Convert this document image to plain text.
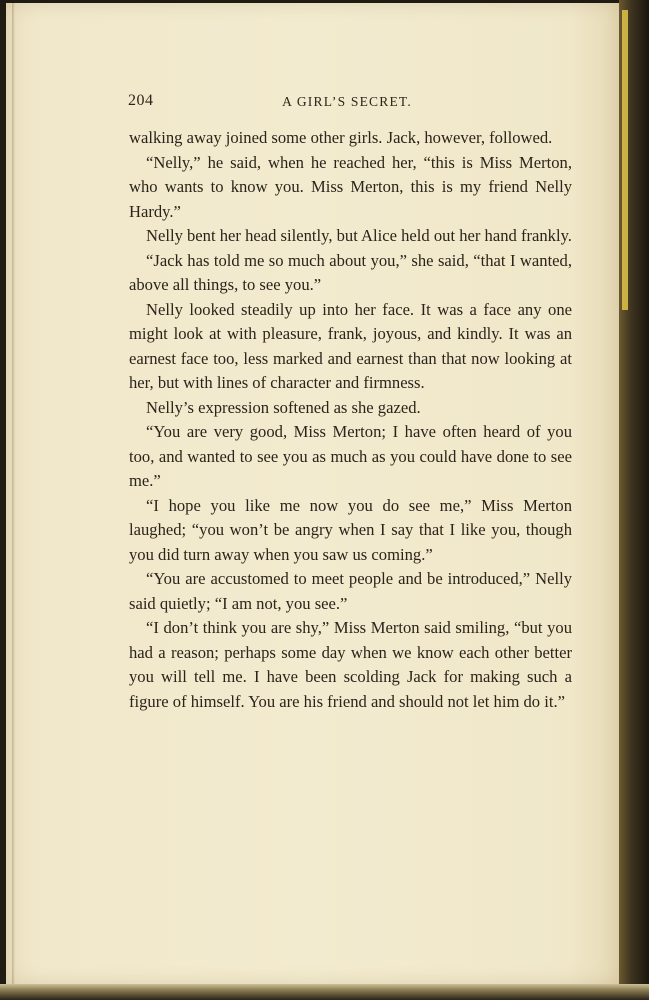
204	A GIRL’S SECRET.

walking away joined some other girls. Jack, however, followed.

“Nelly,” he said, when he reached her, “this is Miss Merton, who wants to know you. Miss Merton, this is my friend Nelly Hardy.”

Nelly bent her head silently, but Alice held out her hand frankly.

“Jack has told me so much about you,” she said, “that I wanted, above all things, to see you.”

Nelly looked steadily up into her face. It was a face any one might look at with pleasure, frank, joyous, and kindly. It was an earnest face too, less marked and earnest than that now looking at her, but with lines of character and firmness.

Nelly’s expression softened as she gazed.

“You are very good, Miss Merton; I have often heard of you too, and wanted to see you as much as you could have done to see me.”

“I hope you like me now you do see me,” Miss Merton laughed; “you won’t be angry when I say that I like you, though you did turn away when you saw us coming.”

“You are accustomed to meet people and be introduced,” Nelly said quietly; “I am not, you see.”

“I don’t think you are shy,” Miss Merton said smiling, “but you had a reason; perhaps some day when we know each other better you will tell me. I have been scolding Jack for making such a figure of himself. You are his friend and should not let him do it.”
